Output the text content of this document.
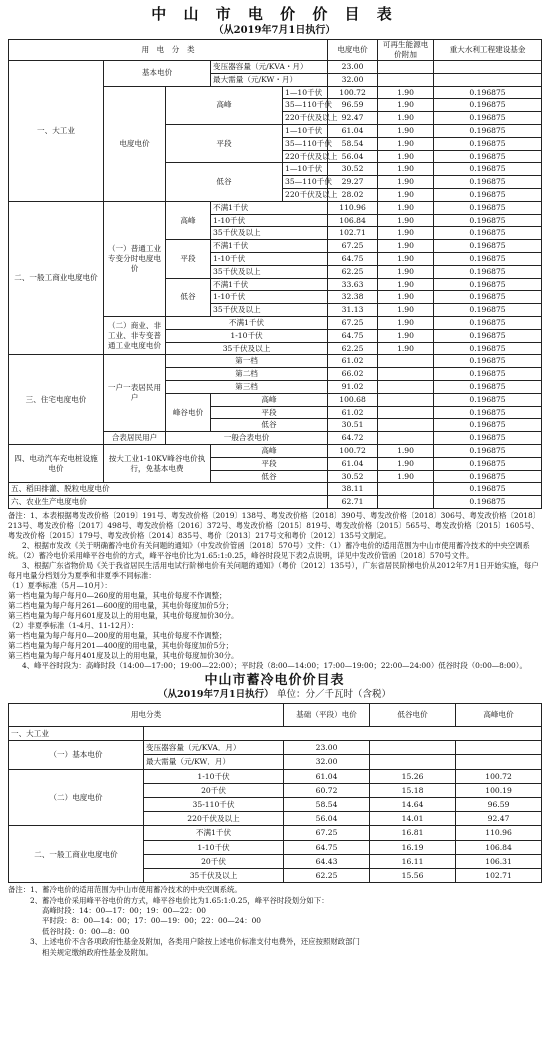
中 山 市 电 价 价 目 表
（从2019年7月1日执行）
用　电　分　类					电度电价	可再生能源电价附加	重大水利工程建设基金	
一、大工业	基本电价		变压器容量（元/KVA・月）		23.00			
			最大需量（元/KW・月）		32.00			
	电度电价	高峰		1—10千伏	100.72	1.90	0.196875	
				35—110千伏	96.59	1.90	0.196875	
				220千伏及以上	92.47	1.90	0.196875	
		平段		1—10千伏	61.04	1.90	0.196875	
				35—110千伏	58.54	1.90	0.196875	
				220千伏及以上	56.04	1.90	0.196875	
		低谷		1—10千伏	30.52	1.90	0.196875	
				35—110千伏	29.27	1.90	0.196875	
				220千伏及以上	28.02	1.90	0.196875	
二、一般工商业电度电价	（一）普通工业专变分时电度电价	高峰	不满1千伏		110.96	1.90	0.196875	
			1-10千伏		106.84	1.90	0.196875	
			35千伏及以上		102.71	1.90	0.196875	
		平段	不满1千伏		67.25	1.90	0.196875	
			1-10千伏		64.75	1.90	0.196875	
			35千伏及以上		62.25	1.90	0.196875	
		低谷	不满1千伏		33.63	1.90	0.196875	
			1-10千伏		32.38	1.90	0.196875	
			35千伏及以上		31.13	1.90	0.196875	
	（二）商业、非工业、非专变普通工业电度电价	不满1千伏			67.25	1.90	0.196875	
		1-10千伏			64.75	1.90	0.196875	
		35千伏及以上			62.25	1.90	0.196875	
三、住宅电度电价	一户一表居民用户	第一档			61.02		0.196875	
		第二档			66.02		0.196875	
		第三档			91.02		0.196875	
		峰谷电价	高峰		100.68		0.196875	
			平段		61.02		0.196875	
			低谷		30.51		0.196875	
	合表居民用户	一般合表电价			64.72		0.196875	
四、电动汽车充电桩设施电价	按大工业1-10KV峰谷电价执行，免基本电费		高峰		100.72	1.90	0.196875	
			平段		61.04	1.90	0.196875	
			低谷		30.52	1.90	0.196875	
五、稻田排灌、脱粒电度电价					38.11		0.196875	
六、农业生产电度电价					62.71		0.196875	

备注：1、本表根据粤发改价格〔2019〕191号、粤发改价格〔2019〕138号、粤发改价格〔2018〕390号、粤发改价格〔2018〕306号、粤发改价格〔2018〕213号、粤发改价格〔2017〕498号、粤发改价格〔2016〕372号、粤发改价格〔2015〕819号、粤发改价格〔2015〕565号、粤发改价格〔2015〕1605号、粤发改价格〔2015〕179号、粤发改价格〔2014〕835号、粤价〔2013〕217号文和粤价〔2012〕135号文制定。

2、根据市发改《关于明确蓄冷电价有关问题的通知》（中发改价管函〔2018〕570号）文件：（1）蓄冷电价的适用范围为中山市使用蓄冷技术的中央空调系统。（2）蓄冷电价采用峰平谷电价的方式，峰平谷电价比为1.65:1:0.25，峰谷时段见下表2点说明，详见中发改价管函〔2018〕570号文件。

3、根据广东省物价局《关于我省居民生活用电试行阶梯电价有关问题的通知》（粤价〔2012〕135号），广东省居民阶梯电价从2012年7月1日开始实施，每户每月电量分档划分为夏季和非夏季不同标准：

（1）夏季标准（5月—10月）：

第一档电量为每户每月0—260度的用电量，其电价每度不作调整；

第二档电量为每户每月261—600度的用电量，其电价每度加价5分；

第三档电量为每户每月601度及以上的用电量，其电价每度加价30分。

（2）非夏季标准（1-4月、11-12月）：

第一档电量为每户每月0—200度的用电量，其电价每度不作调整；

第二档电量为每户每月201—400度的用电量，其电价每度加价5分；

第三档电量为每户每月401度及以上的用电量，其电价每度加价30分。

4、峰平谷时段为：高峰时段（14:00—17:00；19:00—22:00）；平时段（8:00—14:00；17:00—19:00；22:00—24:00）低谷时段（0:00—8:00）。

中山市蓄冷电价价目表
（从2019年7月1日执行） 单位：分／千瓦时（含税）
用电分类		基础（平段）电价	低谷电价	高峰电价
一、大工业				
（一）基本电价	变压器容量（元/KVA．月）	23.00		
	最大需量（元/KW．月）	32.00		
（二）电度电价	1-10千伏	61.04	15.26	100.72
	20千伏	60.72	15.18	100.19
	35-110千伏	58.54	14.64	96.59
	220千伏及以上	56.04	14.01	92.47
二、一般工商业电度电价	不满1千伏	67.25	16.81	110.96
	1-10千伏	64.75	16.19	106.84
	20千伏	64.43	16.11	106.31
	35千伏及以上	62.25	15.56	102.71

备注：1、蓄冷电价的适用范围为中山市使用蓄冷技术的中央空调系统。

2、蓄冷电价采用峰平谷电价的方式，峰平谷电价比为1.65:1:0.25，峰平谷时段划分如下：

高峰时段：14：00—17：00；19：00—22：00

平时段：8：00—14：00；17：00—19：00；22：00—24：00

低谷时段：0：00—8：00

3、上述电价不含各项政府性基金及附加，各类用户除按上述电价标准支付电费外，还应按照财政部门

相关规定缴纳政府性基金及附加。
